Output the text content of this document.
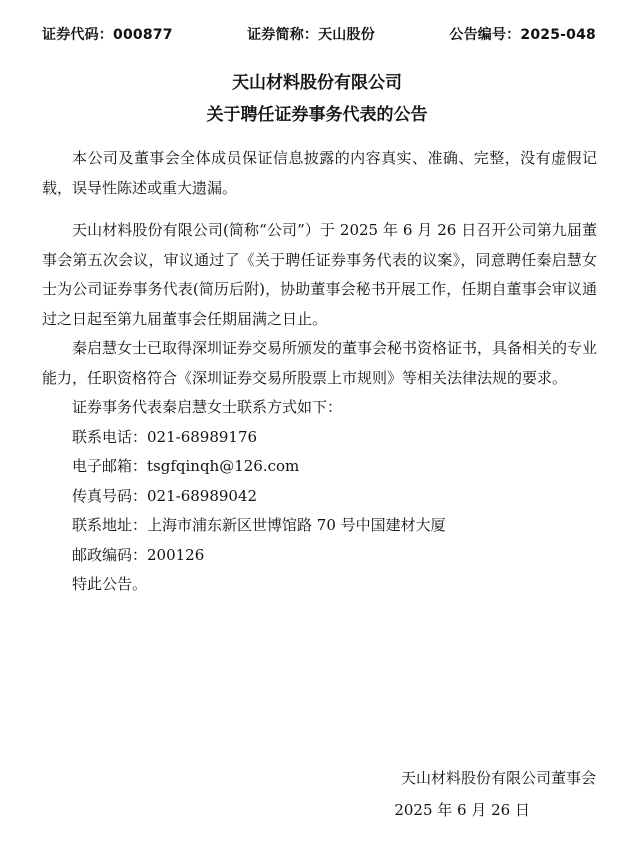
证券代码：000877	证券简称：天山股份	公告编号：2025-048
天山材料股份有限公司
关于聘任证券事务代表的公告

本公司及董事会全体成员保证信息披露的内容真实、准确、完整，没有虚假记载，误导性陈述或重大遗漏。

天山材料股份有限公司(简称“公司”）于 2025 年 6 月 26 日召开公司第九届董事会第五次会议，审议通过了《关于聘任证券事务代表的议案》，同意聘任秦启慧女士为公司证券事务代表(简历后附)，协助董事会秘书开展工作，任期自董事会审议通过之日起至第九届董事会任期届满之日止。

秦启慧女士已取得深圳证券交易所颁发的董事会秘书资格证书，具备相关的专业能力，任职资格符合《深圳证券交易所股票上市规则》等相关法律法规的要求。

证券事务代表秦启慧女士联系方式如下：

联系电话：021-68989176

电子邮箱：tsgfqinqh@126.com

传真号码：021-68989042

联系地址：上海市浦东新区世博馆路 70 号中国建材大厦

邮政编码：200126

特此公告。

天山材料股份有限公司董事会
2025 年 6 月 26 日
